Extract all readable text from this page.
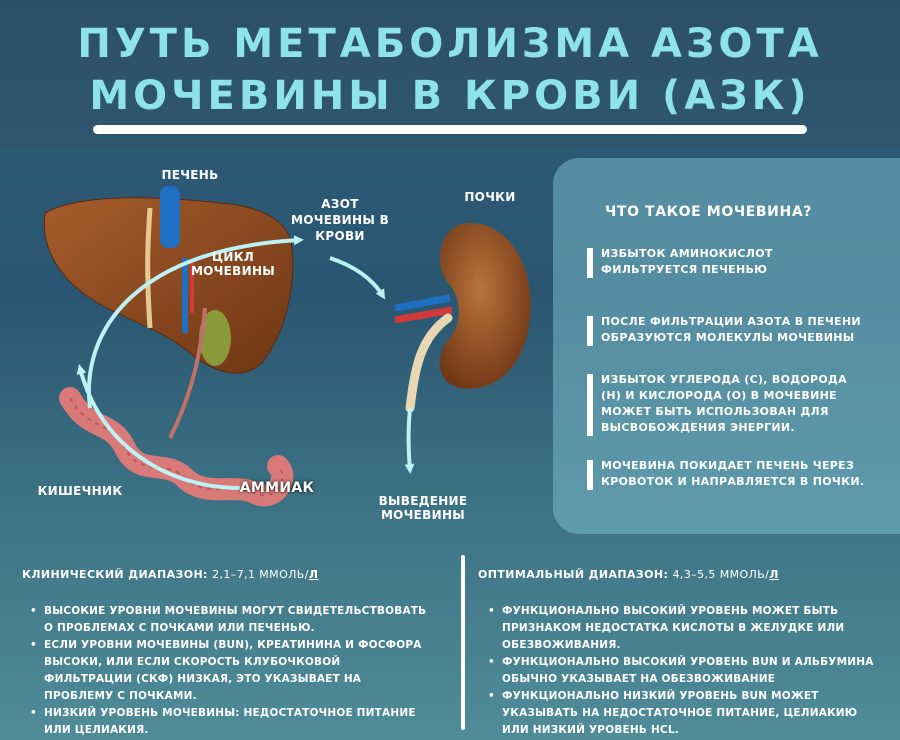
ПУТЬ МЕТАБОЛИЗМА АЗОТА
МОЧЕВИНЫ В КРОВИ (АЗК)
ПЕЧЕНЬ
ЦИКЛ МОЧЕВИНЫ
АЗОТ
МОЧЕВИНЫ В
КРОВИ
ПОЧКИ
КИШЕЧНИК	АММИАК
ВЫВЕДЕНИЕ МОЧЕВИНЫ
ЧТО ТАКОЕ МОЧЕВИНА?
ИЗБЫТОК АМИНОКИСЛОТ ФИЛЬТРУЕТСЯ ПЕЧЕНЬЮ
ПОСЛЕ ФИЛЬТРАЦИИ АЗОТА В ПЕЧЕНИ ОБРАЗУЮТСЯ МОЛЕКУЛЫ МОЧЕВИНЫ
ИЗБЫТОК УГЛЕРОДА (С), ВОДОРОДА (Н) И КИСЛОРОДА (О) В МОЧЕВИНЕ МОЖЕТ БЫТЬ ИСПОЛЬЗОВАН ДЛЯ ВЫСВОБОЖДЕНИЯ ЭНЕРГИИ.
МОЧЕВИНА ПОКИДАЕТ ПЕЧЕНЬ ЧЕРЕЗ КРОВОТОК И НАПРАВЛЯЕТСЯ В ПОЧКИ.
КЛИНИЧЕСКИЙ ДИАПАЗОН: 2,1–7,1 ММОЛЬ/Л
• ВЫСОКИЕ УРОВНИ МОЧЕВИНЫ МОГУТ СВИДЕТЕЛЬСТВОВАТЬ О ПРОБЛЕМАХ С ПОЧКАМИ ИЛИ ПЕЧЕНЬЮ.
• ЕСЛИ УРОВНИ МОЧЕВИНЫ (BUN), КРЕАТИНИНА И ФОСФОРА ВЫСОКИ, ИЛИ ЕСЛИ СКОРОСТЬ КЛУБОЧКОВОЙ ФИЛЬТРАЦИИ (СКФ) НИЗКАЯ, ЭТО УКАЗЫВАЕТ НА ПРОБЛЕМУ С ПОЧКАМИ.
• НИЗКИЙ УРОВЕНЬ МОЧЕВИНЫ: НЕДОСТАТОЧНОЕ ПИТАНИЕ ИЛИ ЦЕЛИАКИЯ.
ОПТИМАЛЬНЫЙ ДИАПАЗОН: 4,3–5,5 ММОЛЬ/Л
• ФУНКЦИОНАЛЬНО ВЫСОКИЙ УРОВЕНЬ МОЖЕТ БЫТЬ ПРИЗНАКОМ НЕДОСТАТКА КИСЛОТЫ В ЖЕЛУДКЕ ИЛИ ОБЕЗВОЖИВАНИЯ.
• ФУНКЦИОНАЛЬНО ВЫСОКИЙ УРОВЕНЬ BUN И АЛЬБУМИНА ОБЫЧНО УКАЗЫВАЕТ НА ОБЕЗВОЖИВАНИЕ
• ФУНКЦИОНАЛЬНО НИЗКИЙ УРОВЕНЬ BUN МОЖЕТ УКАЗЫВАТЬ НА НЕДОСТАТОЧНОЕ ПИТАНИЕ, ЦЕЛИАКИЮ ИЛИ НИЗКИЙ УРОВЕНЬ HCL.
